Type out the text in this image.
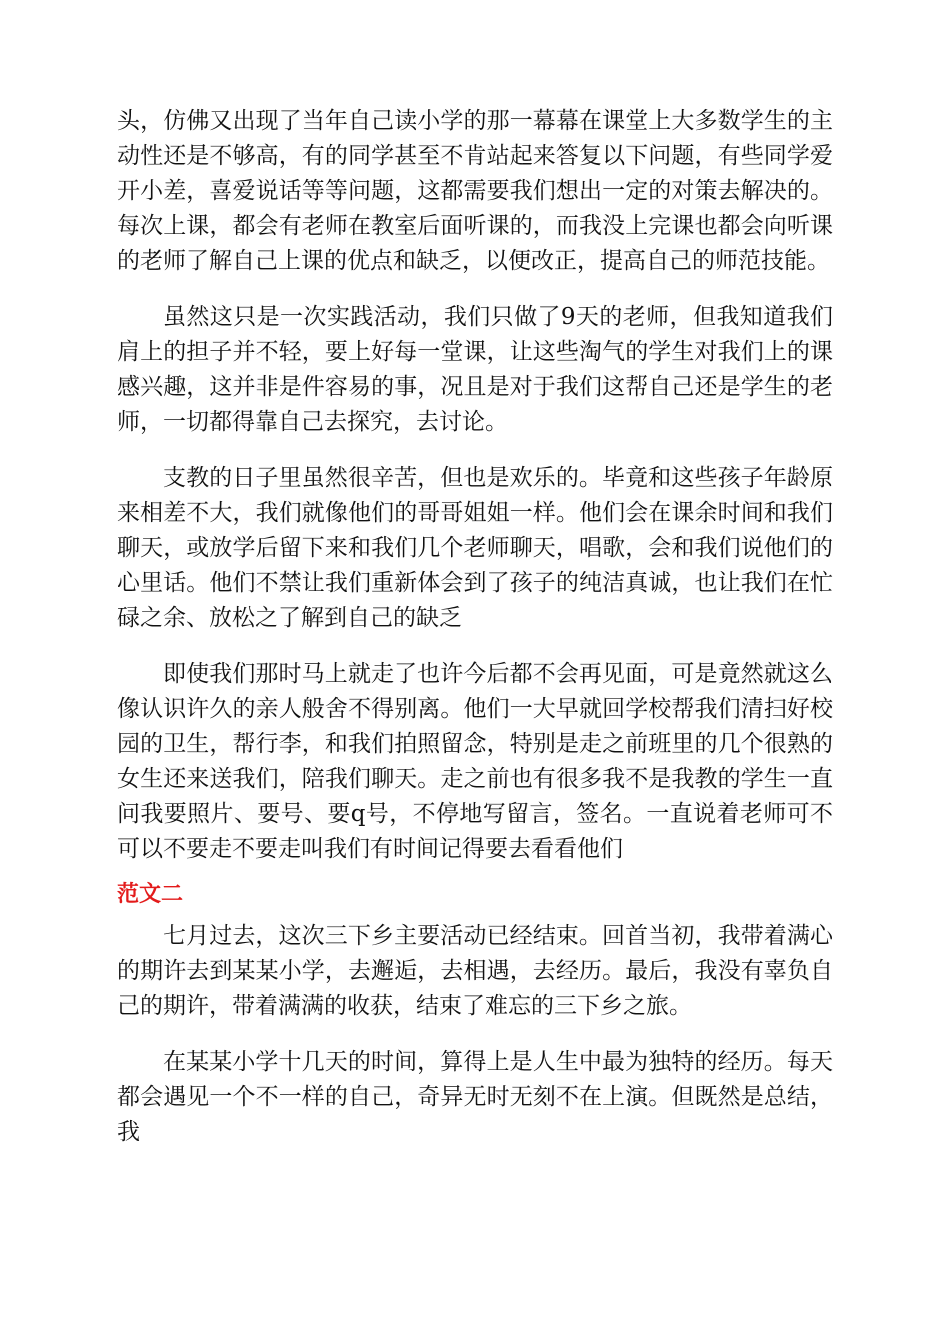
头，仿佛又出现了当年自己读小学的那一幕幕在课堂上大多数学生的主动性还是不够高，有的同学甚至不肯站起来答复以下问题，有些同学爱开小差，喜爱说话等等问题，这都需要我们想出一定的对策去解决的。每次上课，都会有老师在教室后面听课的，而我没上完课也都会向听课的老师了解自己上课的优点和缺乏，以便改正，提高自己的师范技能。

虽然这只是一次实践活动，我们只做了9天的老师，但我知道我们肩上的担子并不轻，要上好每一堂课，让这些淘气的学生对我们上的课感兴趣，这并非是件容易的事，况且是对于我们这帮自己还是学生的老师，一切都得靠自己去探究，去讨论。

支教的日子里虽然很辛苦，但也是欢乐的。毕竟和这些孩子年龄原来相差不大，我们就像他们的哥哥姐姐一样。他们会在课余时间和我们聊天，或放学后留下来和我们几个老师聊天，唱歌，会和我们说他们的心里话。他们不禁让我们重新体会到了孩子的纯洁真诚，也让我们在忙碌之余、放松之了解到自己的缺乏

即使我们那时马上就走了也许今后都不会再见面，可是竟然就这么像认识许久的亲人般舍不得别离。他们一大早就回学校帮我们清扫好校园的卫生，帮行李，和我们拍照留念，特别是走之前班里的几个很熟的女生还来送我们，陪我们聊天。走之前也有很多我不是我教的学生一直问我要照片、要号、要q号，不停地写留言，签名。一直说着老师可不可以不要走不要走叫我们有时间记得要去看看他们

范文二

七月过去，这次三下乡主要活动已经结束。回首当初，我带着满心的期许去到某某小学，去邂逅，去相遇，去经历。最后，我没有辜负自己的期许，带着满满的收获，结束了难忘的三下乡之旅。

在某某小学十几天的时间，算得上是人生中最为独特的经历。每天都会遇见一个不一样的自己，奇异无时无刻不在上演。但既然是总结，我
